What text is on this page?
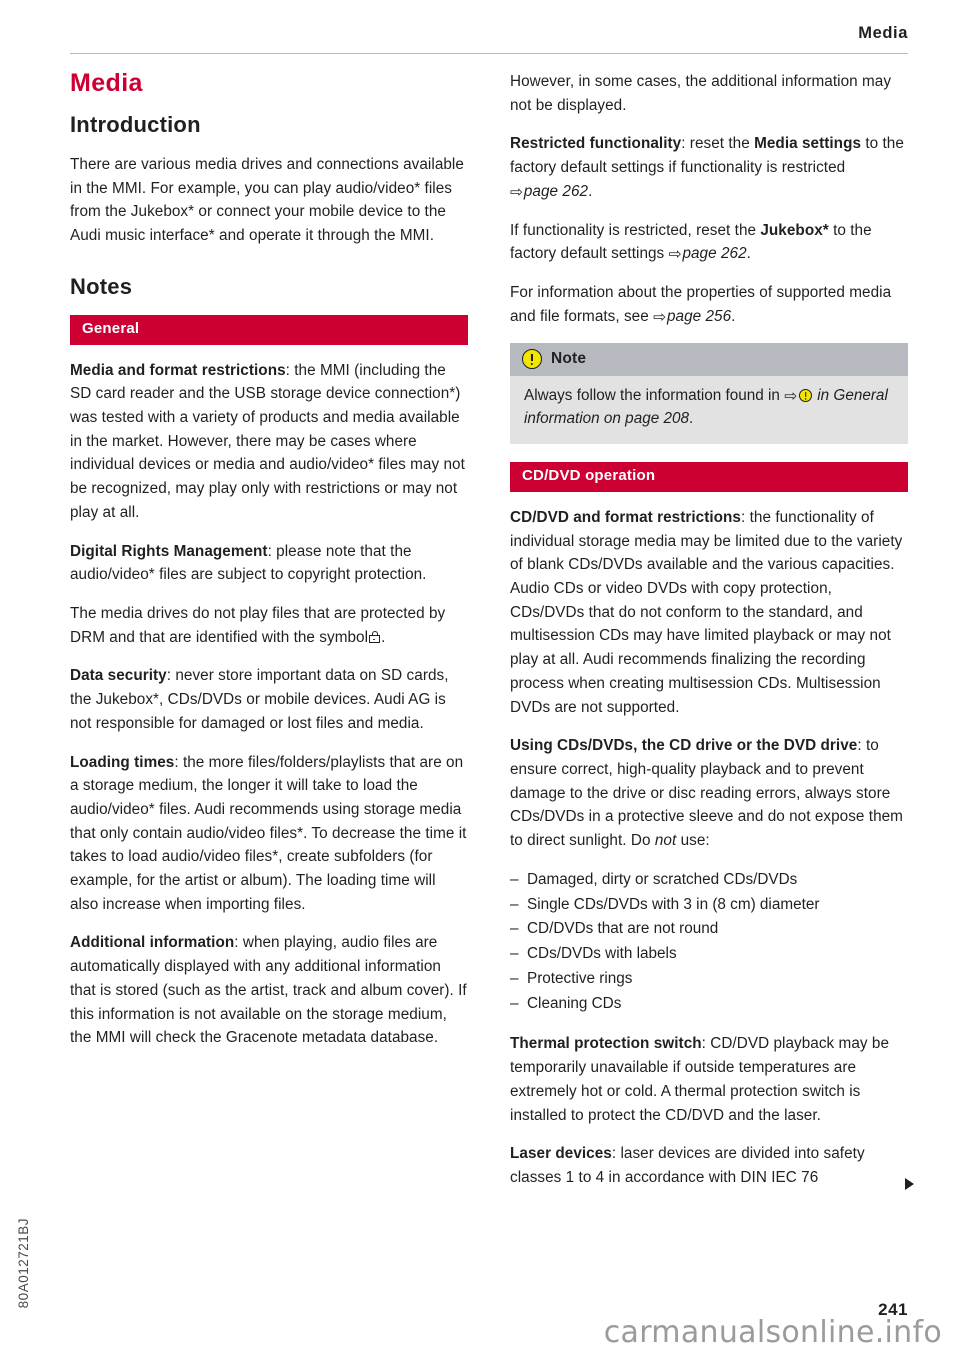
Media
80A012721BJ
Media
Introduction

There are various media drives and connections available in the MMI. For example, you can play audio/video* files from the Jukebox* or connect your mobile device to the Audi music interface* and operate it through the MMI.

Notes
General

Media and format restrictions: the MMI (including the SD card reader and the USB storage device connection*) was tested with a variety of products and media available in the market. However, there may be cases where individual devices or media and audio/video* files may not be recognized, may play only with restrictions or may not play at all.

Digital Rights Management: please note that the audio/video* files are subject to copyright protection.

The media drives do not play files that are protected by DRM and that are identified with the symbol .

Data security: never store important data on SD cards, the Jukebox*, CDs/DVDs or mobile devices. Audi AG is not responsible for damaged or lost files and media.

Loading times: the more files/folders/playlists that are on a storage medium, the longer it will take to load the audio/video* files. Audi recommends using storage media that only contain audio/video files*. To decrease the time it takes to load audio/video files*, create subfolders (for example, for the artist or album). The loading time will also increase when importing files.

Additional information: when playing, audio files are automatically displayed with any additional information that is stored (such as the artist, track and album cover). If this information is not available on the storage medium, the MMI will check the Gracenote metadata database.

However, in some cases, the additional information may not be displayed.

Restricted functionality: reset the Media settings to the factory default settings if functionality is restricted ⇨page 262.

If functionality is restricted, reset the Jukebox* to the factory default settings ⇨page 262.

For information about the properties of supported media and file formats, see ⇨page 256.

Note

Always follow the information found in ⇨ in General information on page 208.

CD/DVD operation

CD/DVD and format restrictions: the functionality of individual storage media may be limited due to the variety of blank CDs/DVDs available and the various capacities. Audio CDs or video DVDs with copy protection, CDs/DVDs that do not conform to the standard, and multisession CDs may have limited playback or may not play at all. Audi recommends finalizing the recording process when creating multisession CDs. Multisession DVDs are not supported.

Using CDs/DVDs, the CD drive or the DVD drive: to ensure correct, high-quality playback and to prevent damage to the drive or disc reading errors, always store CDs/DVDs in a protective sleeve and do not expose them to direct sunlight. Do not use:

– Damaged, dirty or scratched CDs/DVDs
– Single CDs/DVDs with 3 in (8 cm) diameter
– CD/DVDs that are not round
– CDs/DVDs with labels
– Protective rings
– Cleaning CDs

Thermal protection switch: CD/DVD playback may be temporarily unavailable if outside temperatures are extremely hot or cold. A thermal protection switch is installed to protect the CD/DVD and the laser.

Laser devices: laser devices are divided into safety classes 1 to 4 in accordance with DIN IEC 76

241
carmanualsonline.info
